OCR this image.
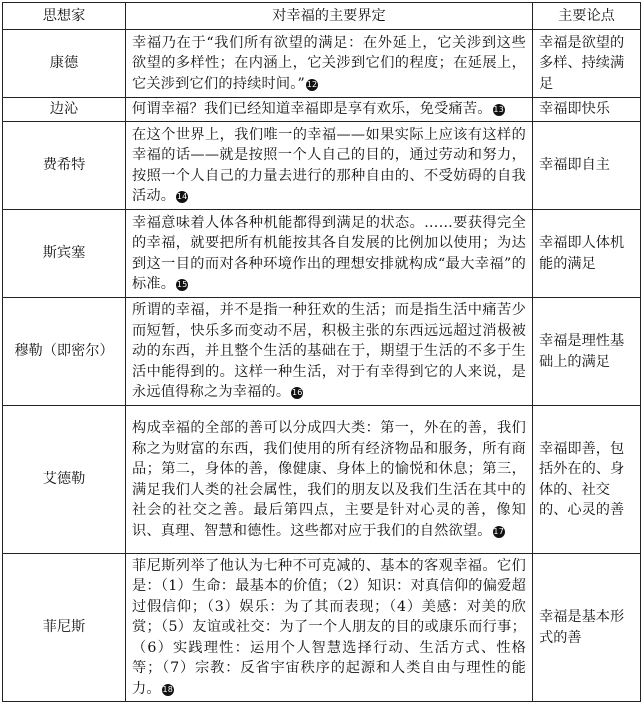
思想家	对幸福的主要界定	主要论点
康德	幸福乃在于“我们所有欲望的满足：在外延上，它关涉到这些欲望的多样性；在内涵上，它关涉到它们的程度；在延展上，它关涉到它们的持续时间。” 12	幸福是欲望的多样、持续满足
边沁	何谓幸福？我们已经知道幸福即是享有欢乐，免受痛苦。 13	幸福即快乐
费希特	在这个世界上，我们唯一的幸福——如果实际上应该有这样的幸福的话——就是按照一个人自己的目的，通过劳动和努力，按照一个人自己的力量去进行的那种自由的、不受妨碍的自我活动。 14	幸福即自主
斯宾塞	幸福意味着人体各种机能都得到满足的状态。……要获得完全的幸福，就要把所有机能按其各自发展的比例加以使用；为达到这一目的而对各种环境作出的理想安排就构成“最大幸福”的标准。 15	幸福即人体机能的满足
穆勒（即密尔）	所谓的幸福，并不是指一种狂欢的生活；而是指生活中痛苦少而短暂，快乐多而变动不居，积极主张的东西远远超过消极被动的东西，并且整个生活的基础在于，期望于生活的不多于生活中能得到的。这样一种生活，对于有幸得到它的人来说，是永远值得称之为幸福的。 16	幸福是理性基础上的满足
艾德勒	构成幸福的全部的善可以分成四大类：第一，外在的善，我们称之为财富的东西，我们使用的所有经济物品和服务，所有商品；第二，身体的善，像健康、身体上的愉悦和休息；第三，满足我们人类的社会属性，我们的朋友以及我们生活在其中的社会的社交之善。最后第四点，主要是针对心灵的善，像知识、真理、智慧和德性。这些都对应于我们的自然欲望。 17	幸福即善，包括外在的、身体的、社交的、心灵的善
菲尼斯	菲尼斯列举了他认为七种不可克减的、基本的客观幸福。它们是：（1）生命：最基本的价值；（2）知识：对真信仰的偏爱超过假信仰；（3）娱乐：为了其而表现；（4）美感：对美的欣赏；（5）友谊或社交：为了一个人朋友的目的或康乐而行事；（6）实践理性：运用个人智慧选择行动、生活方式、性格等；（7）宗教：反省宇宙秩序的起源和人类自由与理性的能力。 18	幸福是基本形式的善
